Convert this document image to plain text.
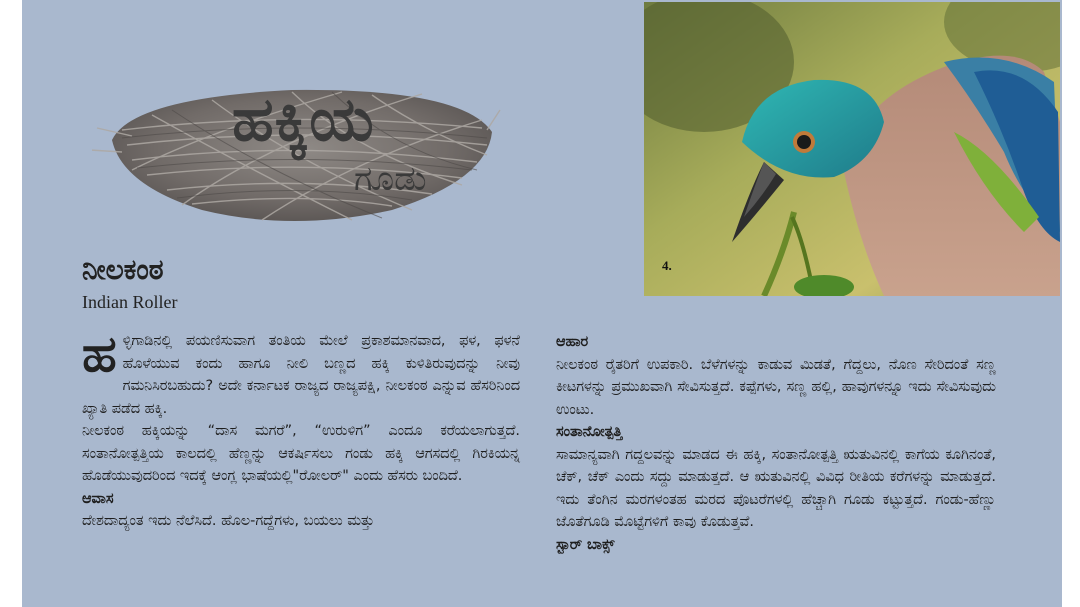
ಹಕ್ಕಿಯ
ಗೂಡು
4.
ನೀಲಕಂಠ
Indian Roller

ಹಳ್ಳಿಗಾಡಿನಲ್ಲಿ ಪಯಣಿಸುವಾಗ ತಂತಿಯ ಮೇಲೆ ಪ್ರಕಾಶಮಾನವಾದ, ಫಳ, ಫಳನೆ ಹೊಳೆಯುವ ಕಂದು ಹಾಗೂ ನೀಲಿ ಬಣ್ಣದ ಹಕ್ಕಿ ಕುಳಿತಿರುವುದನ್ನು ನೀವು ಗಮನಿಸಿರಬಹುದು? ಅದೇ ಕರ್ನಾಟಕ ರಾಜ್ಯದ ರಾಜ್ಯಪಕ್ಷಿ, ನೀಲಕಂಠ ಎನ್ನುವ ಹೆಸರಿನಿಂದ ಖ್ಯಾತಿ ಪಡೆದ ಹಕ್ಕಿ.

ನೀಲಕಂಠ ಹಕ್ಕಿಯನ್ನು “ದಾಸ ಮಗರೆ”, “ಉರುಳಿಗ” ಎಂದೂ ಕರೆಯಲಾಗುತ್ತದೆ. ಸಂತಾನೋತ್ಪತ್ತಿಯ ಕಾಲದಲ್ಲಿ ಹೆಣ್ಣನ್ನು ಆಕರ್ಷಿಸಲು ಗಂಡು ಹಕ್ಕಿ ಆಗಸದಲ್ಲಿ ಗಿರಕಿಯನ್ನ ಹೊಡೆಯುವುದರಿಂದ ಇದಕ್ಕೆ ಆಂಗ್ಲ ಭಾಷೆಯಲ್ಲಿ"ರೋಲರ್" ಎಂದು ಹೆಸರು ಬಂದಿದೆ.

ಆವಾಸ

ದೇಶದಾದ್ಯಂತ ಇದು ನೆಲೆಸಿದೆ. ಹೊಲ-ಗದ್ದೆಗಳು, ಬಯಲು ಮತ್ತು

ಆಹಾರ

ನೀಲಕಂಠ ರೈತರಿಗೆ ಉಪಕಾರಿ. ಬೆಳೆಗಳನ್ನು ಕಾಡುವ ಮಿಡತೆ, ಗೆದ್ದಲು, ನೊಣ ಸೇರಿದಂತೆ ಸಣ್ಣ ಕೀಟಗಳನ್ನು ಪ್ರಮುಖವಾಗಿ ಸೇವಿಸುತ್ತದೆ. ಕಪ್ಪೆಗಳು, ಸಣ್ಣ ಹಲ್ಲಿ, ಹಾವುಗಳನ್ನೂ ಇದು ಸೇವಿಸುವುದು ಉಂಟು.

ಸಂತಾನೋತ್ಪತ್ತಿ

ಸಾಮಾನ್ಯವಾಗಿ ಗದ್ದಲವನ್ನು ಮಾಡದ ಈ ಹಕ್ಕಿ, ಸಂತಾನೋತ್ಪತ್ತಿ ಋತುವಿನಲ್ಲಿ ಕಾಗೆಯ ಕೂಗಿನಂತೆ, ಚೆಕ್, ಚೆಕ್ ಎಂದು ಸದ್ದು ಮಾಡುತ್ತದೆ. ಆ ಋತುವಿನಲ್ಲಿ ವಿವಿಧ ರೀತಿಯ ಕರೆಗಳನ್ನು ಮಾಡುತ್ತದೆ. ಇದು ತೆಂಗಿನ ಮರಗಳಂತಹ ಮರದ ಪೊಟರೆಗಳಲ್ಲಿ ಹೆಚ್ಚಾಗಿ ಗೂಡು ಕಟ್ಟುತ್ತದೆ. ಗಂಡು-ಹೆಣ್ಣು ಜೊತೆಗೂಡಿ ಮೊಟ್ಟೆಗಳಿಗೆ ಕಾವು ಕೊಡುತ್ತವೆ.

ಸ್ಟಾರ್ ಬಾಕ್ಸ್
